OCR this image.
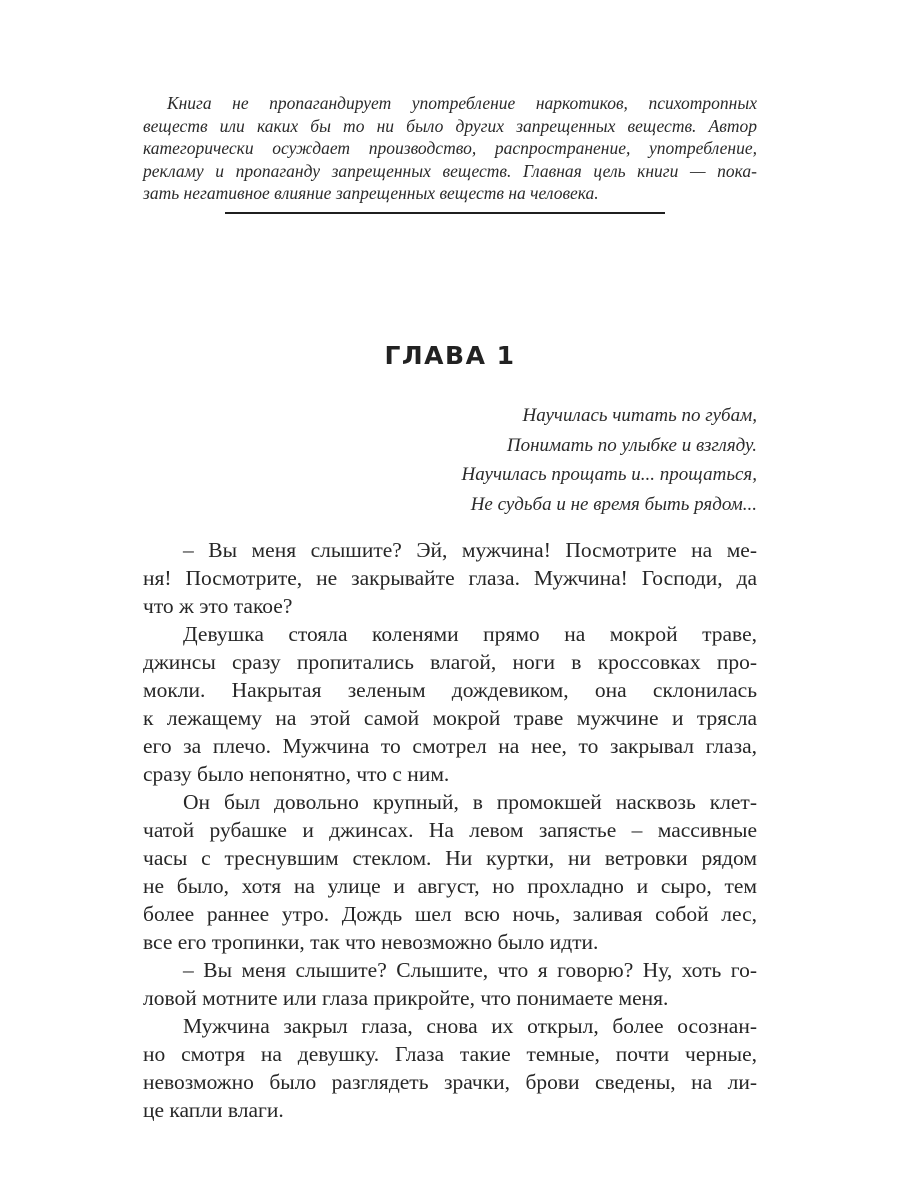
Книга не пропагандирует употребление наркотиков, психотропных
веществ или каких бы то ни было других запрещенных веществ. Автор
категорически осуждает производство, распространение, употребление,
рекламу и пропаганду запрещенных веществ. Главная цель книги — пока-
зать негативное влияние запрещенных веществ на человека.
ГЛАВА 1
Научилась читать по губам,
Понимать по улыбке и взгляду.
Научилась прощать и... прощаться,
Не судьба и не время быть рядом...
– Вы меня слышите? Эй, мужчина! Посмотрите на ме-
ня! Посмотрите, не закрывайте глаза. Мужчина! Господи, да
что ж это такое?
Девушка стояла коленями прямо на мокрой траве,
джинсы сразу пропитались влагой, ноги в кроссовках про-
мокли. Накрытая зеленым дождевиком, она склонилась
к лежащему на этой самой мокрой траве мужчине и трясла
его за плечо. Мужчина то смотрел на нее, то закрывал глаза,
сразу было непонятно, что с ним.
Он был довольно крупный, в промокшей насквозь клет-
чатой рубашке и джинсах. На левом запястье – массивные
часы с треснувшим стеклом. Ни куртки, ни ветровки рядом
не было, хотя на улице и август, но прохладно и сыро, тем
более раннее утро. Дождь шел всю ночь, заливая собой лес,
все его тропинки, так что невозможно было идти.
– Вы меня слышите? Слышите, что я говорю? Ну, хоть го-
ловой мотните или глаза прикройте, что понимаете меня.
Мужчина закрыл глаза, снова их открыл, более осознан-
но смотря на девушку. Глаза такие темные, почти черные,
невозможно было разглядеть зрачки, брови сведены, на ли-
це капли влаги.
